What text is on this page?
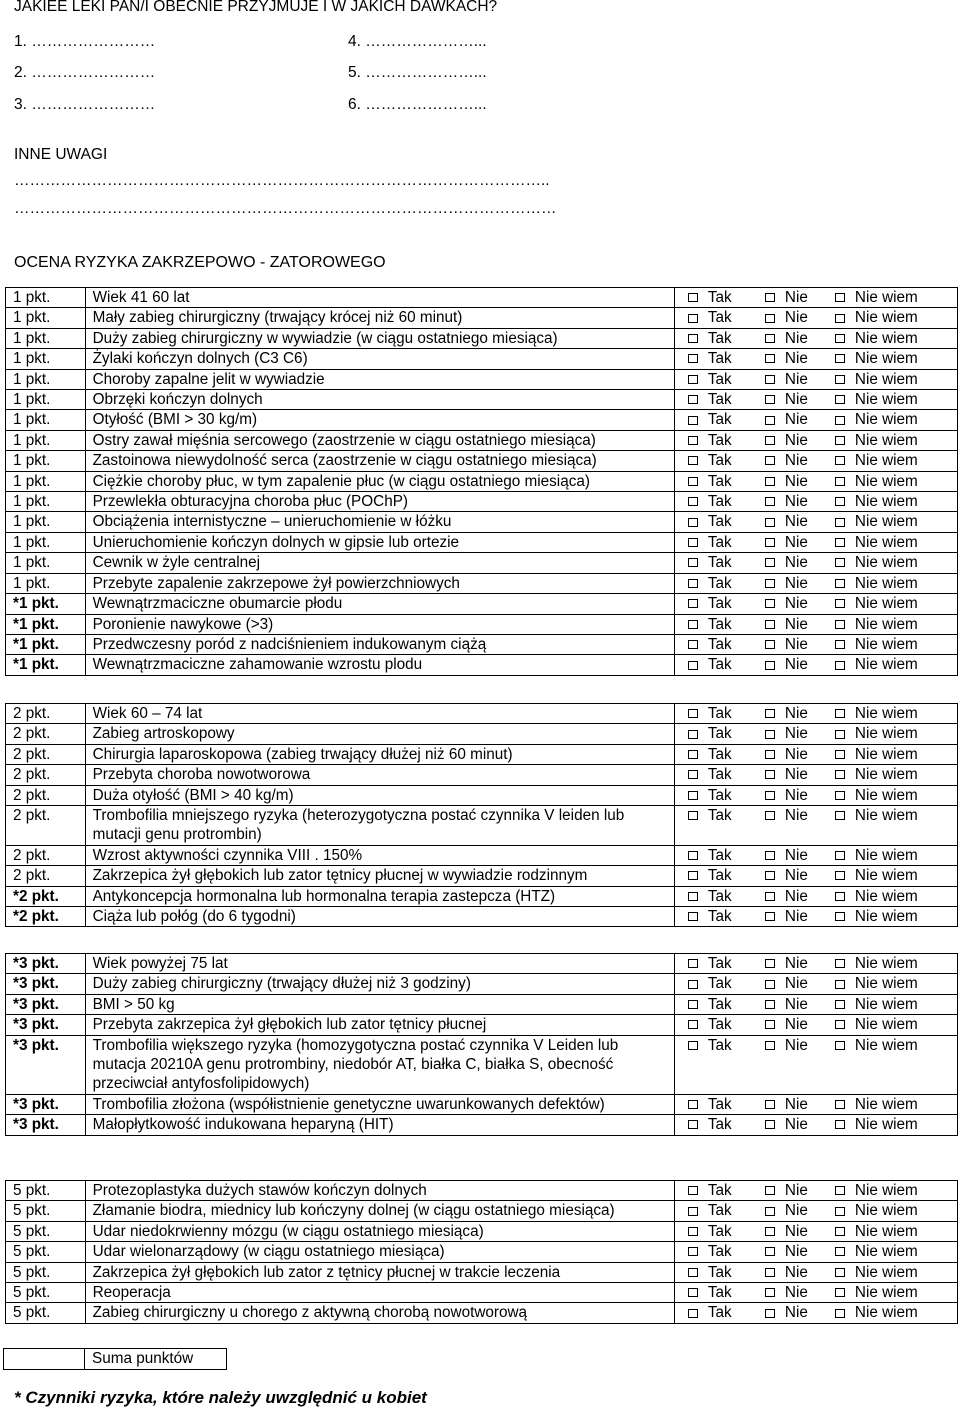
JAKIEE LEKI PAN/I OBECNIE PRZYJMUJE I W JAKICH DAWKACH?
1. ……………………	4. …………………...
2. ……………………	5. …………………...
3. ……………………	6. …………………...
INNE UWAGI
…………………………………………………………………………………………..
……………………………………………………………………………………………
OCENA RYZYKA ZAKRZEPOWO - ZATOROWEGO
1 pkt.	Wiek 41 60 lat	Tak Nie Nie wiem

1 pkt.	Mały zabieg chirurgiczny (trwający krócej niż 60 minut)	Tak Nie Nie wiem

1 pkt.	Duży zabieg chirurgiczny w wywiadzie (w ciągu ostatniego miesiąca)	Tak Nie Nie wiem

1 pkt.	Żylaki kończyn dolnych (C3 C6)	Tak Nie Nie wiem

1 pkt.	Choroby zapalne jelit w wywiadzie	Tak Nie Nie wiem

1 pkt.	Obrzęki kończyn dolnych	Tak Nie Nie wiem

1 pkt.	Otyłość (BMI > 30 kg/m)	Tak Nie Nie wiem

1 pkt.	Ostry zawał mięśnia sercowego (zaostrzenie w ciągu ostatniego miesiąca)	Tak Nie Nie wiem

1 pkt.	Zastoinowa niewydolność serca (zaostrzenie w ciągu ostatniego miesiąca)	Tak Nie Nie wiem

1 pkt.	Ciężkie choroby płuc, w tym zapalenie płuc (w ciągu ostatniego miesiąca)	Tak Nie Nie wiem

1 pkt.	Przewlekła obturacyjna choroba płuc (POChP)	Tak Nie Nie wiem

1 pkt.	Obciążenia internistyczne – unieruchomienie w łóżku	Tak Nie Nie wiem

1 pkt.	Unieruchomienie kończyn dolnych w gipsie lub ortezie	Tak Nie Nie wiem

1 pkt.	Cewnik w żyle centralnej	Tak Nie Nie wiem

1 pkt.	Przebyte zapalenie zakrzepowe żył powierzchniowych	Tak Nie Nie wiem

*1 pkt.	Wewnątrzmaciczne obumarcie płodu	Tak Nie Nie wiem

*1 pkt.	Poronienie nawykowe (>3)	Tak Nie Nie wiem

*1 pkt.	Przedwczesny poród z nadciśnieniem indukowanym ciążą	Tak Nie Nie wiem

*1 pkt.	Wewnątrzmaciczne zahamowanie wzrostu plodu	Tak Nie Nie wiem
2 pkt.	Wiek 60 – 74 lat	Tak Nie Nie wiem

2 pkt.	Zabieg artroskopowy	Tak Nie Nie wiem

2 pkt.	Chirurgia laparoskopowa (zabieg trwający dłużej niż 60 minut)	Tak Nie Nie wiem

2 pkt.	Przebyta choroba nowotworowa	Tak Nie Nie wiem

2 pkt.	Duża otyłość (BMI > 40 kg/m)	Tak Nie Nie wiem

2 pkt.	Trombofilia mniejszego ryzyka (heterozygotyczna postać czynnika V leiden lub mutacji genu protrombin)	Tak Nie Nie wiem

2 pkt.	Wzrost aktywności czynnika VIII . 150%	Tak Nie Nie wiem

2 pkt.	Zakrzepica żył głębokich lub zator tętnicy płucnej w wywiadzie rodzinnym	Tak Nie Nie wiem

*2 pkt.	Antykoncepcja hormonalna lub hormonalna terapia zastepcza (HTZ)	Tak Nie Nie wiem

*2 pkt.	Ciąża lub połóg (do 6 tygodni)	Tak Nie Nie wiem
*3 pkt.	Wiek powyżej 75 lat	Tak Nie Nie wiem

*3 pkt.	Duży zabieg chirurgiczny (trwający dłużej niż 3 godziny)	Tak Nie Nie wiem

*3 pkt.	BMI > 50 kg	Tak Nie Nie wiem

*3 pkt.	Przebyta zakrzepica żył głębokich lub zator tętnicy płucnej	Tak Nie Nie wiem

*3 pkt.	Trombofilia większego ryzyka (homozygotyczna postać czynnika V Leiden lub mutacja 20210A genu protrombiny, niedobór AT, białka C, białka S, obecność przeciwciał antyfosfolipidowych)	Tak Nie Nie wiem

*3 pkt.	Trombofilia złożona (współistnienie genetyczne uwarunkowanych defektów)	Tak Nie Nie wiem

*3 pkt.	Małopłytkowość indukowana heparyną (HIT)	Tak Nie Nie wiem
5 pkt.	Protezoplastyka dużych stawów kończyn dolnych	Tak Nie Nie wiem

5 pkt.	Złamanie biodra, miednicy lub kończyny dolnej (w ciągu ostatniego miesiąca)	Tak Nie Nie wiem

5 pkt.	Udar niedokrwienny mózgu (w ciągu ostatniego miesiąca)	Tak Nie Nie wiem

5 pkt.	Udar wielonarządowy (w ciągu ostatniego miesiąca)	Tak Nie Nie wiem

5 pkt.	Zakrzepica żył głębokich lub zator z tętnicy płucnej w trakcie leczenia	Tak Nie Nie wiem

5 pkt.	Reoperacja	Tak Nie Nie wiem

5 pkt.	Zabieg chirurgiczny u chorego z aktywną chorobą nowotworową	Tak Nie Nie wiem
Suma punktów
* Czynniki ryzyka, które należy uwzględnić u kobiet
